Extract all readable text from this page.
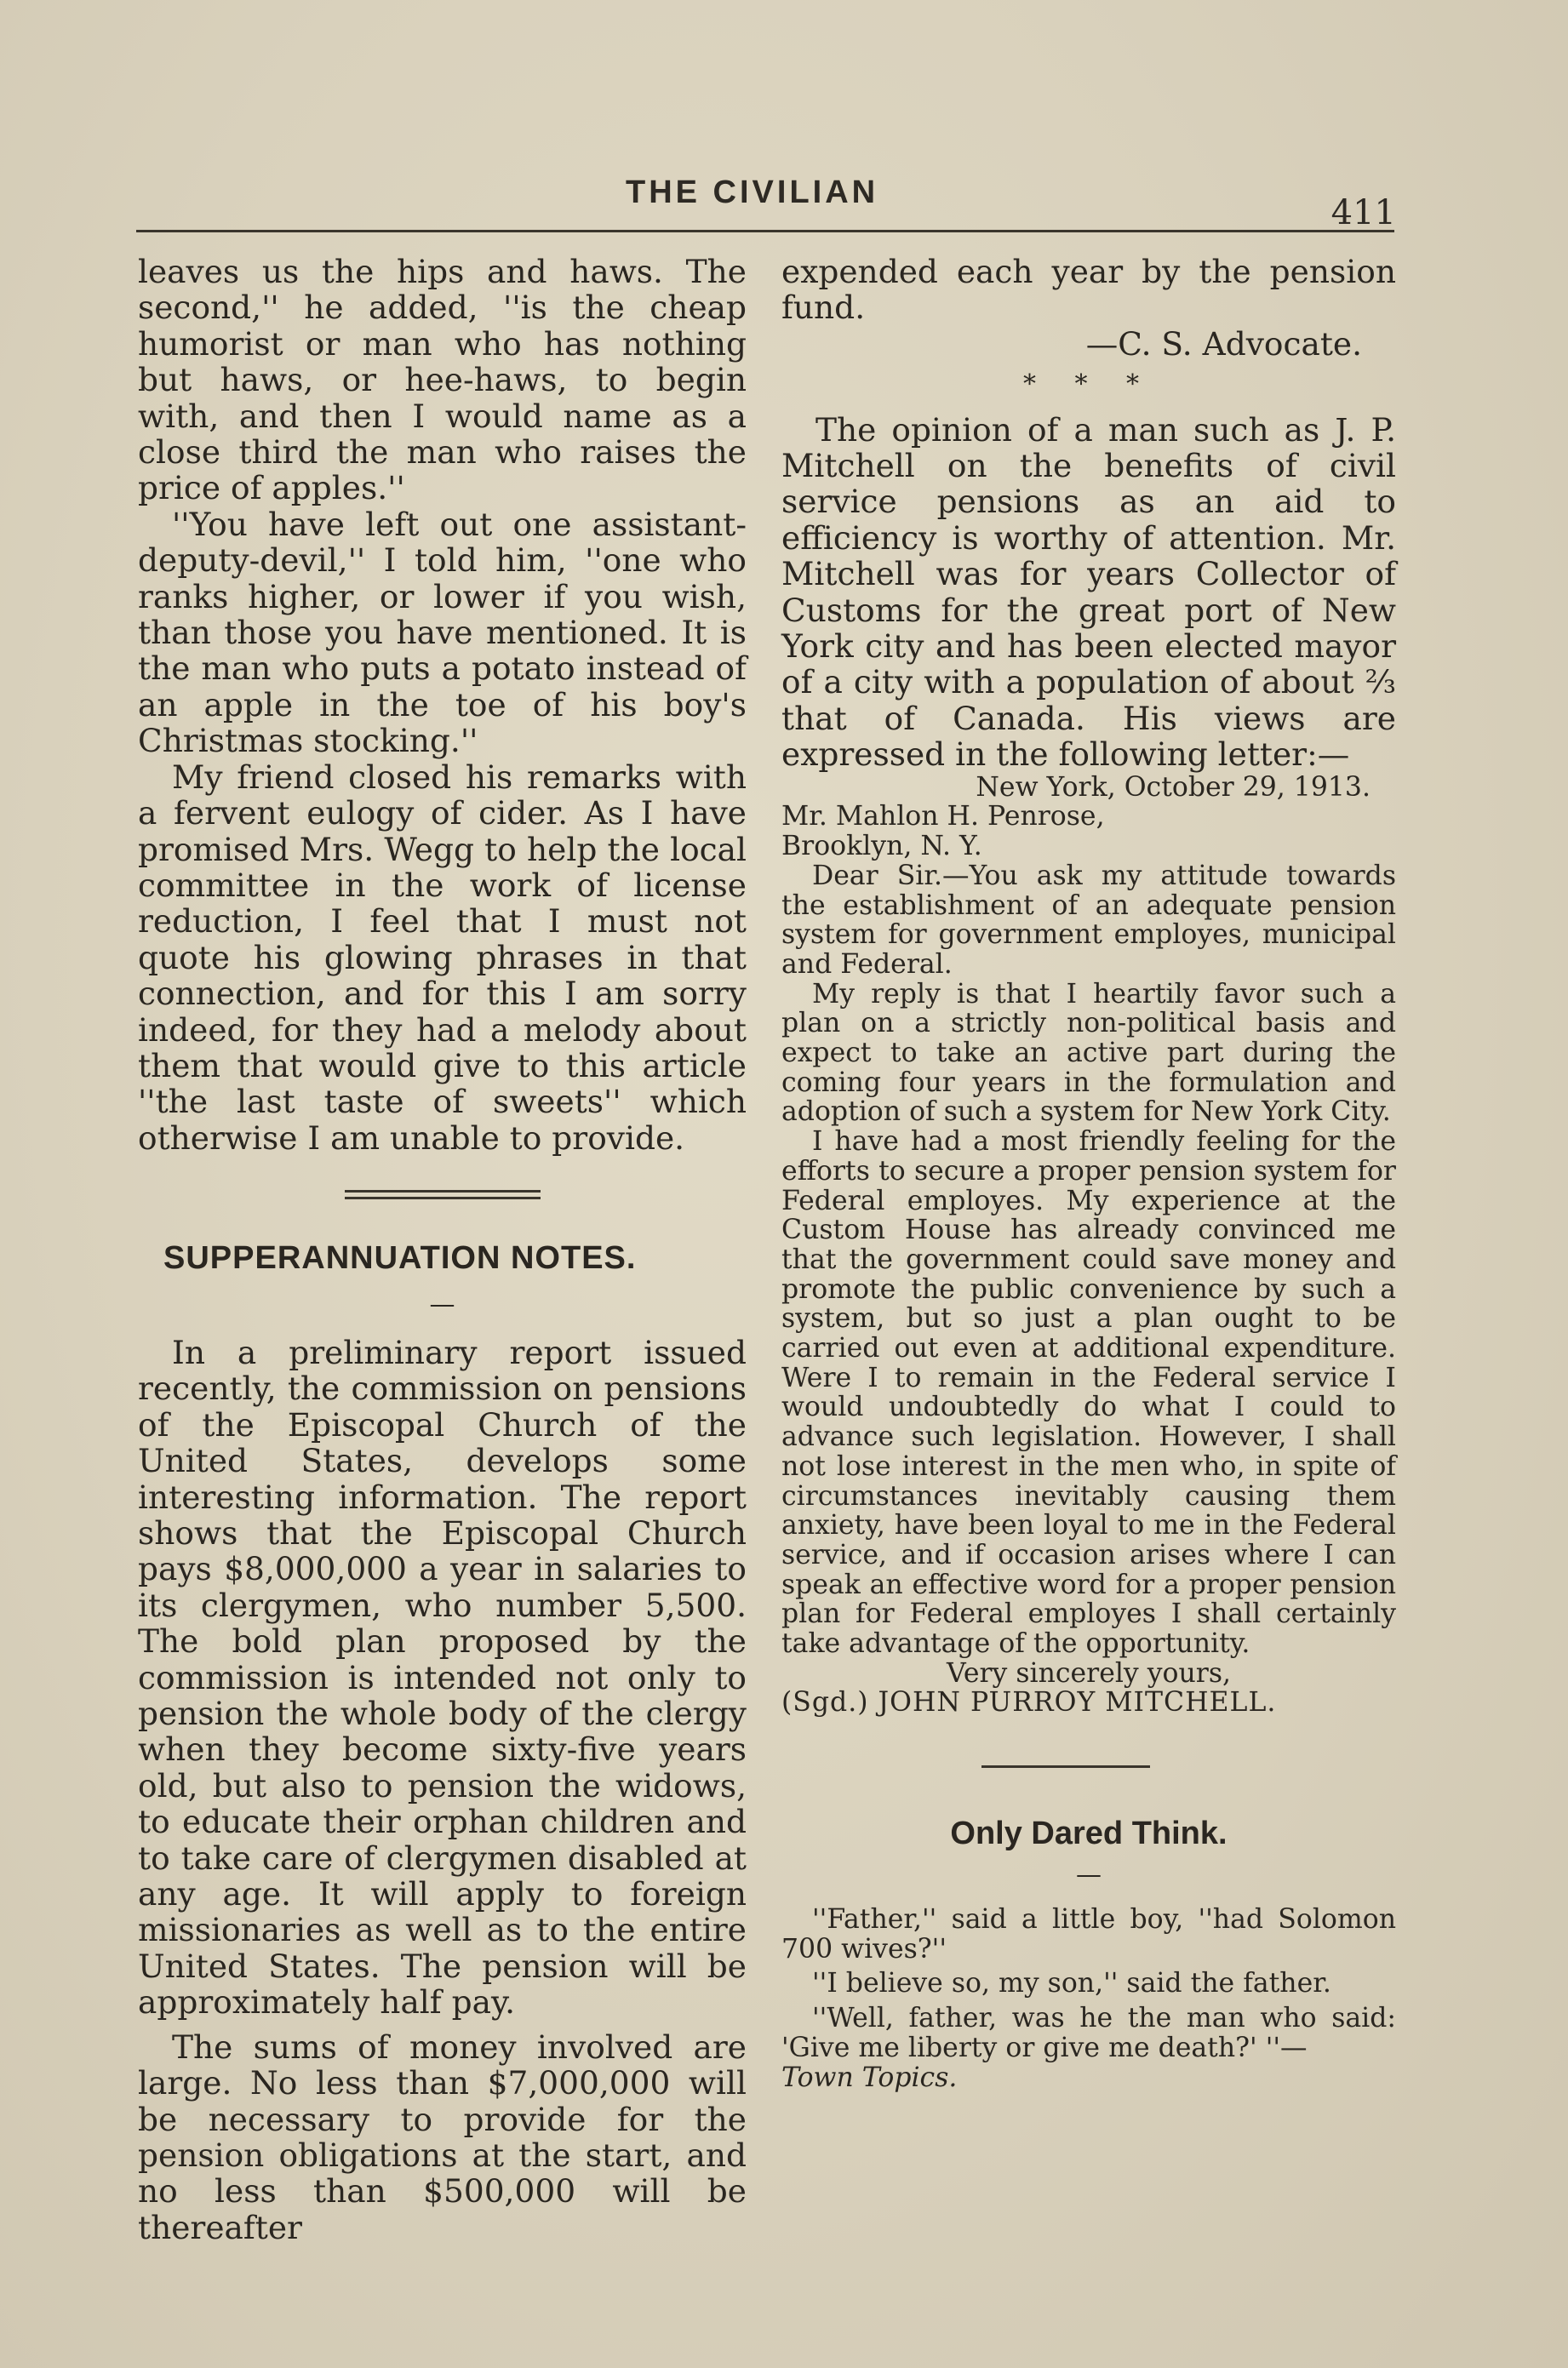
THE CIVILIAN
411

leaves us the hips and haws. The second,'' he added, ''is the cheap humorist or man who has nothing but haws, or hee-haws, to begin with, and then I would name as a close third the man who raises the price of apples.''

''You have left out one assistant-deputy-devil,'' I told him, ''one who ranks higher, or lower if you wish, than those you have mentioned. It is the man who puts a potato instead of an apple in the toe of his boy's Christmas stocking.''

My friend closed his remarks with a fervent eulogy of cider. As I have promised Mrs. Wegg to help the local committee in the work of license reduction, I feel that I must not quote his glowing phrases in that connection, and for this I am sorry indeed, for they had a melody about them that would give to this article ''the last taste of sweets'' which otherwise I am unable to provide.

SUPPERANNUATION NOTES.
—

In a preliminary report issued recently, the commission on pensions of the Episcopal Church of the United States, develops some interesting information. The report shows that the Episcopal Church pays $8,000,000 a year in salaries to its clergymen, who number 5,500. The bold plan proposed by the commission is intended not only to pension the whole body of the clergy when they become sixty-five years old, but also to pension the widows, to educate their orphan children and to take care of clergymen disabled at any age. It will apply to foreign missionaries as well as to the entire United States. The pension will be approximately half pay.

The sums of money involved are large. No less than $7,000,000 will be necessary to provide for the pension obligations at the start, and no less than $500,000 will be thereafter

expended each year by the pension fund.

—C. S. Advocate.

* * *

The opinion of a man such as J. P. Mitchell on the benefits of civil service pensions as an aid to efficiency is worthy of attention. Mr. Mitchell was for years Collector of Customs for the great port of New York city and has been elected mayor of a city with a population of about ⅔ that of Canada. His views are expressed in the following letter:—

New York, October 29, 1913.

Mr. Mahlon H. Penrose,

Brooklyn, N. Y.

Dear Sir.—You ask my attitude towards the establishment of an adequate pension system for government employes, municipal and Federal.

My reply is that I heartily favor such a plan on a strictly non-political basis and expect to take an active part during the coming four years in the formulation and adoption of such a system for New York City.

I have had a most friendly feeling for the efforts to secure a proper pension system for Federal employes. My experience at the Custom House has already convinced me that the government could save money and promote the public convenience by such a system, but so just a plan ought to be carried out even at additional expenditure. Were I to remain in the Federal service I would undoubtedly do what I could to advance such legislation. However, I shall not lose interest in the men who, in spite of circumstances inevitably causing them anxiety, have been loyal to me in the Federal service, and if occasion arises where I can speak an effective word for a proper pension plan for Federal employes I shall certainly take advantage of the opportunity.

Very sincerely yours,

(Sgd.) JOHN PURROY MITCHELL.

Only Dared Think.
—

''Father,'' said a little boy, ''had Solomon 700 wives?''

''I believe so, my son,'' said the father.

''Well, father, was he the man who said: 'Give me liberty or give me death?' ''—

Town Topics.
